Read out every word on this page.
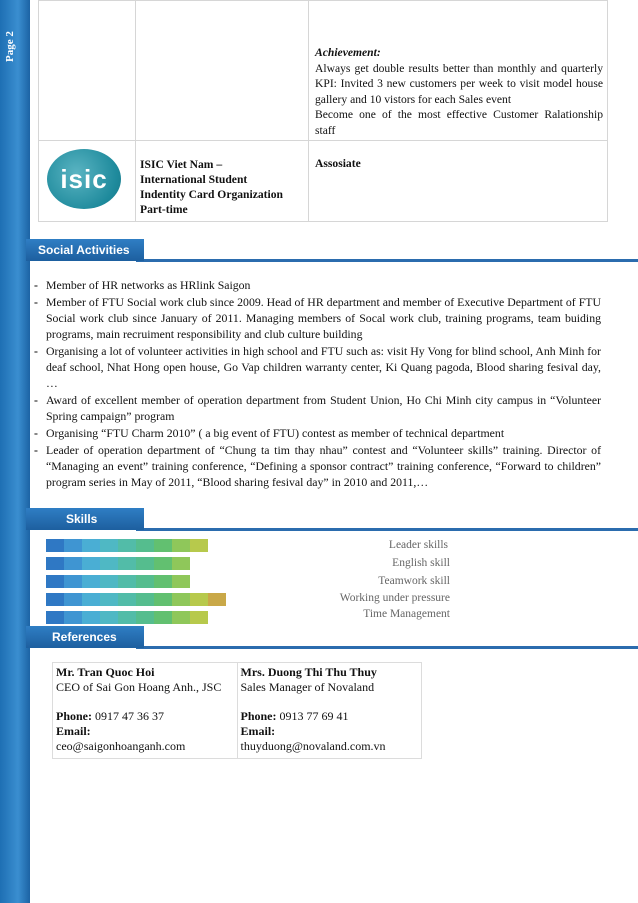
Page 2

		Achievement:
Always get double results better than monthly and quarterly KPI: Invited 3 new customers per week to visit model house gallery and 10 vistors for each Sales event
Become one of the most effective Customer Ralationship staff

isic	ISIC Viet Nam –
International Student
Indentity Card Organization
Part-time	Assosiate
Social Activities
- Member of HR networks as HRlink Saigon
- Member of FTU Social work club since 2009. Head of HR department and member of Executive Department of FTU Social work club since January of 2011. Managing members of Socal work club, training programs, team buiding programs, main recruiment responsibility and club culture building
- Organising a lot of volunteer activities in high school and FTU such as: visit Hy Vong for blind school, Anh Minh for deaf school, Nhat Hong open house, Go Vap children warranty center, Ki Quang pagoda, Blood sharing fesival day, …
- Award of excellent member of operation department from Student Union, Ho Chi Minh city campus in “Volunteer Spring campaign” program
- Organising “FTU Charm 2010” ( a big event of FTU) contest as member of technical department
- Leader of operation department of “Chung ta tim thay nhau” contest and “Volunteer skills” training. Director of “Managing an event” training conference, “Defining a sponsor contract” training conference, “Forward to children” program series in May of 2011, “Blood sharing fesival day” in 2010 and 2011,…
Skills
Leader skills
English skill
Teamwork skill
Working under pressure
Time Management
References
Mr. Tran Quoc Hoi
CEO of Sai Gon Hoang Anh., JSC
Phone: 0917 47 36 37
Email:
ceo@saigonhoanganh.com

Mrs. Duong Thi Thu Thuy
Sales Manager of Novaland
Phone: 0913 77 69 41
Email:
thuyduong@novaland.com.vn
